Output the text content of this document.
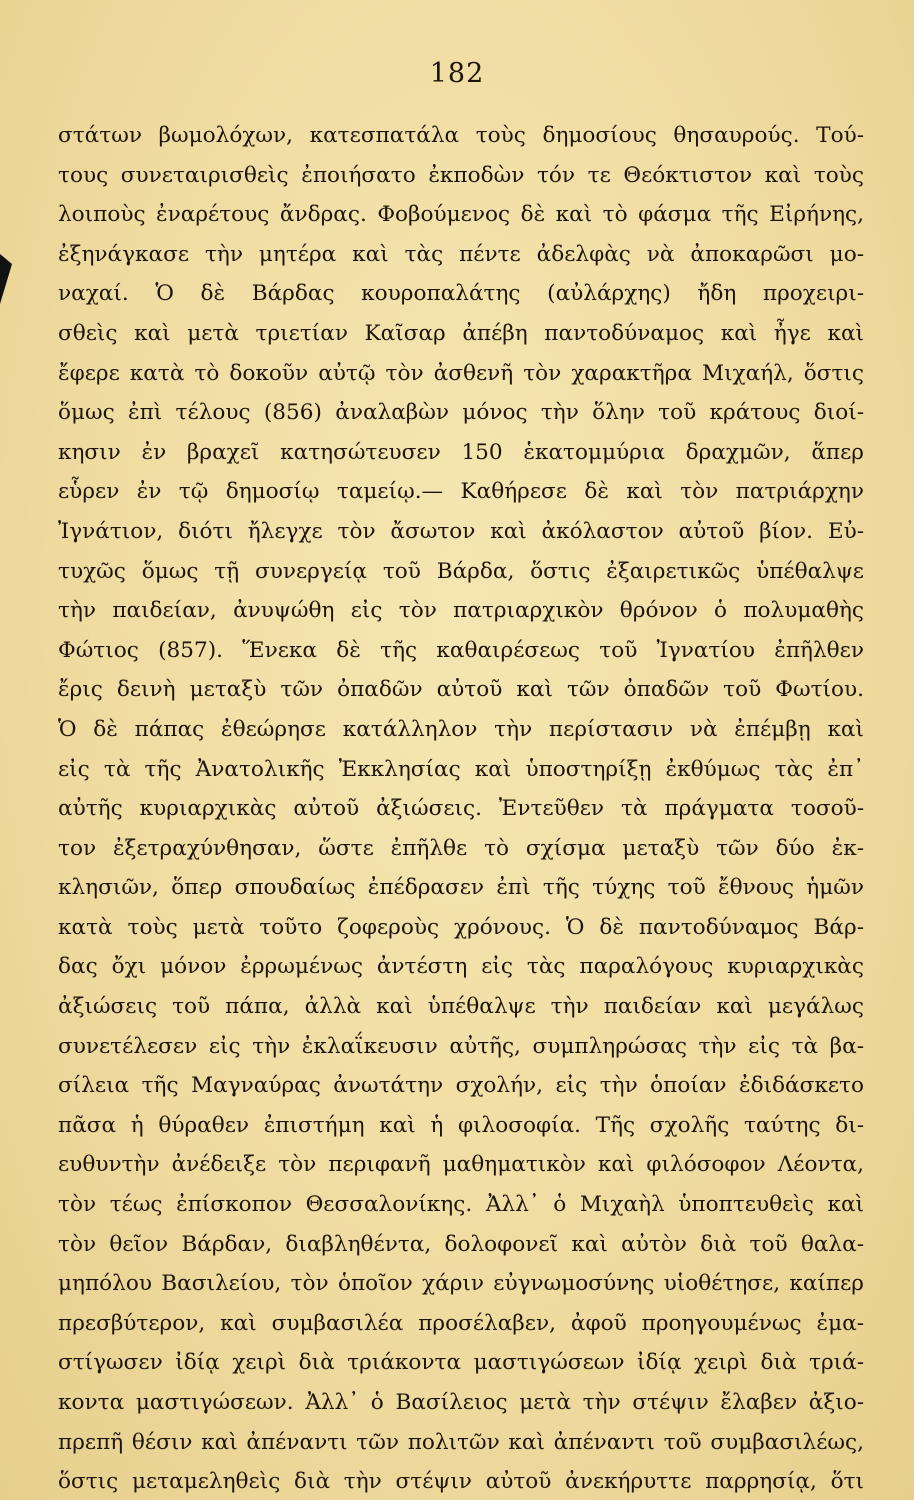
182
στάτων βωμολόχων, κατεσπατάλα τοὺς δημοσίους θησαυρούς. Τού-
τους συνεταιρισθεὶς ἐποιήσατο ἐκποδὼν τόν τε Θεόκτιστον καὶ τοὺς
λοιποὺς ἐναρέτους ἄνδρας. Φοβούμενος δὲ καὶ τὸ φάσμα τῆς Εἰρήνης,
ἐξηνάγκασε τὴν μητέρα καὶ τὰς πέντε ἀδελφὰς νὰ ἀποκαρῶσι μο-
ναχαί. Ὁ δὲ Βάρδας κουροπαλάτης (αὐλάρχης) ἤδη προχειρι-
σθεὶς καὶ μετὰ τριετίαν Καῖσαρ ἀπέβη παντοδύναμος καὶ ἦγε καὶ
ἔφερε κατὰ τὸ δοκοῦν αὐτῷ τὸν ἀσθενῆ τὸν χαρακτῆρα Μιχαήλ, ὅστις
ὅμως ἐπὶ τέλους (856) ἀναλαβὼν μόνος τὴν ὅλην τοῦ κράτους διοί-
κησιν ἐν βραχεῖ κατησώτευσεν 150 ἑκατομμύρια δραχμῶν, ἅπερ
εὗρεν ἐν τῷ δημοσίῳ ταμείῳ.— Καθήρεσε δὲ καὶ τὸν πατριάρχην
Ἰγνάτιον, διότι ἤλεγχε τὸν ἄσωτον καὶ ἀκόλαστον αὐτοῦ βίον. Εὐ-
τυχῶς ὅμως τῇ συνεργείᾳ τοῦ Βάρδα, ὅστις ἐξαιρετικῶς ὑπέθαλψε
τὴν παιδείαν, ἀνυψώθη εἰς τὸν πατριαρχικὸν θρόνον ὁ πολυμαθὴς
Φώτιος (857). Ἕνεκα δὲ τῆς καθαιρέσεως τοῦ Ἰγνατίου ἐπῆλθεν
ἔρις δεινὴ μεταξὺ τῶν ὀπαδῶν αὐτοῦ καὶ τῶν ὀπαδῶν τοῦ Φωτίου.
Ὁ δὲ πάπας ἐθεώρησε κατάλληλον τὴν περίστασιν νὰ ἐπέμβῃ καὶ
εἰς τὰ τῆς Ἀνατολικῆς Ἐκκλησίας καὶ ὑποστηρίξῃ ἐκθύμως τὰς ἐπ᾿
αὐτῆς κυριαρχικὰς αὐτοῦ ἀξιώσεις. Ἐντεῦθεν τὰ πράγματα τοσοῦ-
τον ἐξετραχύνθησαν, ὥστε ἐπῆλθε τὸ σχίσμα μεταξὺ τῶν δύο ἐκ-
κλησιῶν, ὅπερ σπουδαίως ἐπέδρασεν ἐπὶ τῆς τύχης τοῦ ἔθνους ἡμῶν
κατὰ τοὺς μετὰ τοῦτο ζοφεροὺς χρόνους. Ὁ δὲ παντοδύναμος Βάρ-
δας ὄχι μόνον ἐρρωμένως ἀντέστη εἰς τὰς παραλόγους κυριαρχικὰς
ἀξιώσεις τοῦ πάπα, ἀλλὰ καὶ ὑπέθαλψε τὴν παιδείαν καὶ μεγάλως
συνετέλεσεν εἰς τὴν ἐκλαΐκευσιν αὐτῆς, συμπληρώσας τὴν εἰς τὰ βα-
σίλεια τῆς Μαγναύρας ἀνωτάτην σχολήν, εἰς τὴν ὁποίαν ἐδιδάσκετο
πᾶσα ἡ θύραθεν ἐπιστήμη καὶ ἡ φιλοσοφία. Τῆς σχολῆς ταύτης δι-
ευθυντὴν ἀνέδειξε τὸν περιφανῆ μαθηματικὸν καὶ φιλόσοφον Λέοντα,
τὸν τέως ἐπίσκοπον Θεσσαλονίκης. Ἀλλ᾿ ὁ Μιχαὴλ ὑποπτευθεὶς καὶ
τὸν θεῖον Βάρδαν, διαβληθέντα, δολοφονεῖ καὶ αὐτὸν διὰ τοῦ θαλα-
μηπόλου Βασιλείου, τὸν ὁποῖον χάριν εὐγνωμοσύνης υἱοθέτησε, καίπερ
πρεσβύτερον, καὶ συμβασιλέα προσέλαβεν, ἀφοῦ προηγουμένως ἐμα-
στίγωσεν ἰδίᾳ χειρὶ διὰ τριάκοντα μαστιγώσεων ἰδίᾳ χειρὶ διὰ τριά-
κοντα μαστιγώσεων. Ἀλλ᾿ ὁ Βασίλειος μετὰ τὴν στέψιν ἔλαβεν ἀξιο-
πρεπῆ θέσιν καὶ ἀπέναντι τῶν πολιτῶν καὶ ἀπέναντι τοῦ συμβασιλέως,
ὅστις μεταμεληθεὶς διὰ τὴν στέψιν αὐτοῦ ἀνεκήρυττε παρρησίᾳ, ὅτι
